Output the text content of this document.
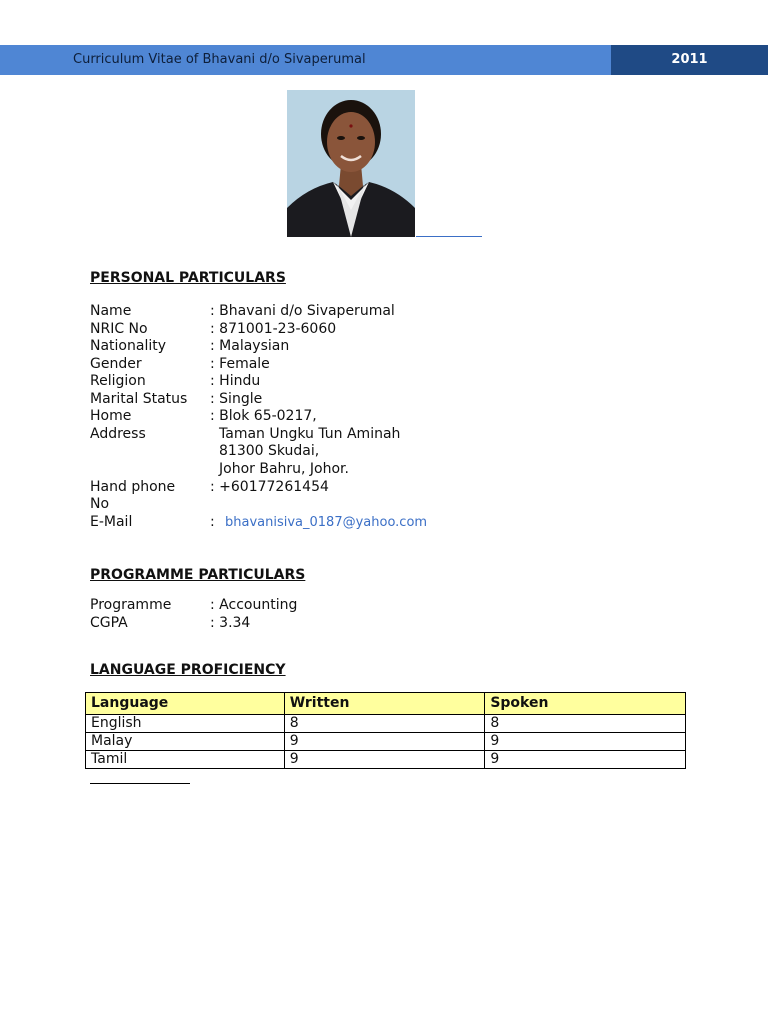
Curriculum Vitae of Bhavani d/o Sivaperumal	2011
PERSONAL PARTICULARS
Name	: Bhavani d/o Sivaperumal
NRIC No	: 871001-23-6060
Nationality	: Malaysian
Gender	: Female
Religion	: Hindu
Marital Status : Single
Home	: Blok 65-0217,
Address	Taman Ungku Tun Aminah
81300 Skudai,
Johor Bahru, Johor.
Hand phone : +60177261454
No
E-Mail	: bhavanisiva_0187@yahoo.com
PROGRAMME PARTICULARS
Programme	: Accounting
CGPA	: 3.34
LANGUAGE PROFICIENCY
Language	Written	Spoken
English	8	8
Malay	9	9
Tamil	9	9
